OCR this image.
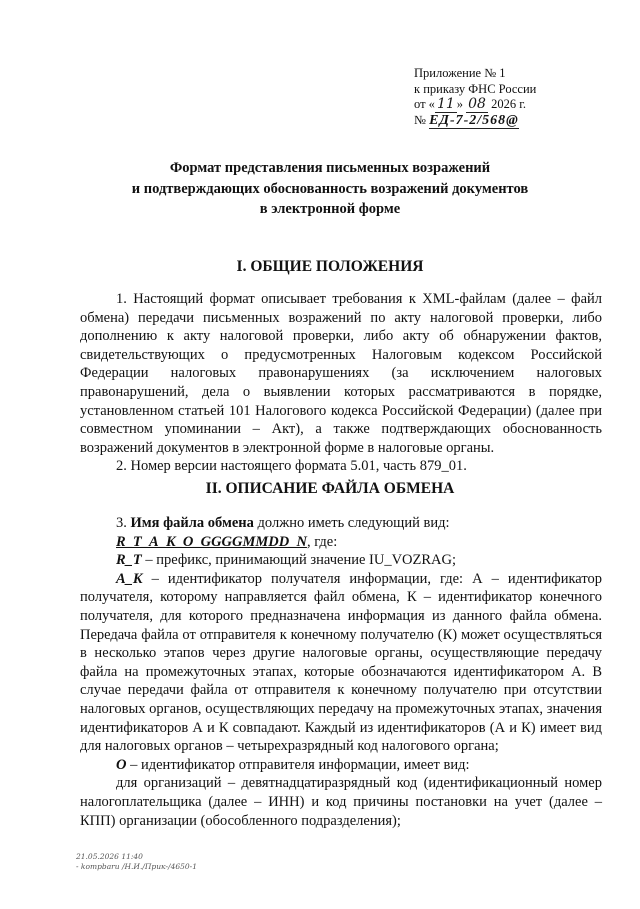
Приложение № 1
к приказу ФНС России
от « 11 » 08 2026 г.
№ ЕД-7-2/568@
Формат представления письменных возражений
и подтверждающих обоснованность возражений документов
в электронной форме
I. ОБЩИЕ ПОЛОЖЕНИЯ

1. Настоящий формат описывает требования к XML-файлам (далее – файл обмена) передачи письменных возражений по акту налоговой проверки, либо дополнению к акту налоговой проверки, либо акту об обнаружении фактов, свидетельствующих о предусмотренных Налоговым кодексом Российской Федерации налоговых правонарушениях (за исключением налоговых правонарушений, дела о выявлении которых рассматриваются в порядке, установленном статьей 101 Налогового кодекса Российской Федерации) (далее при совместном упоминании – Акт), а также подтверждающих обоснованность возражений документов в электронной форме в налоговые органы.

2. Номер версии настоящего формата 5.01, часть 879_01.

II. ОПИСАНИЕ ФАЙЛА ОБМЕНА

3. Имя файла обмена должно иметь следующий вид:

R_T_A_K_O_GGGGMMDD_N, где:

R_T – префикс, принимающий значение IU_VOZRAG;

A_K – идентификатор получателя информации, где: А – идентификатор получателя, которому направляется файл обмена, К – идентификатор конечного получателя, для которого предназначена информация из данного файла обмена. Передача файла от отправителя к конечному получателю (К) может осуществляться в несколько этапов через другие налоговые органы, осуществляющие передачу файла на промежуточных этапах, которые обозначаются идентификатором А. В случае передачи файла от отправителя к конечному получателю при отсутствии налоговых органов, осуществляющих передачу на промежуточных этапах, значения идентификаторов А и К совпадают. Каждый из идентификаторов (А и К) имеет вид для налоговых органов – четырехразрядный код налогового органа;

O – идентификатор отправителя информации, имеет вид:

для организаций – девятнадцатиразрядный код (идентификационный номер налогоплательщика (далее – ИНН) и код причины постановки на учет (далее – КПП) организации (обособленного подразделения);

21.05.2026 11:40
- kompbaru /Н.И./Прик-/4650-1
